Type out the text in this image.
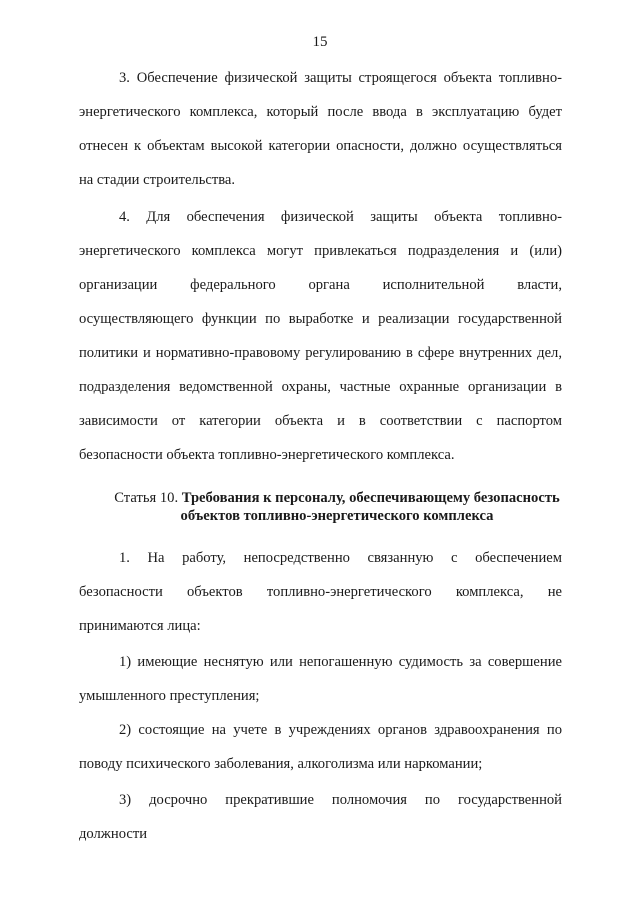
15

3. Обеспечение физической защиты строящегося объекта топливно-энергетического комплекса, который после ввода в эксплуатацию будет отнесен к объектам высокой категории опасности, должно осуществляться на стадии строительства.

4. Для обеспечения физической защиты объекта топливно-энергетического комплекса могут привлекаться подразделения и (или) организации федерального органа исполнительной власти, осуществляющего функции по выработке и реализации государственной политики и нормативно-правовому регулированию в сфере внутренних дел, подразделения ведомственной охраны, частные охранные организации в зависимости от категории объекта и в соответствии с паспортом безопасности объекта топливно-энергетического комплекса.

Статья 10. Требования к персоналу, обеспечивающему безопасность
объектов топливно-энергетического комплекса

1. На работу, непосредственно связанную с обеспечением безопасности объектов топливно-энергетического комплекса, не принимаются лица:

1) имеющие неснятую или непогашенную судимость за совершение умышленного преступления;

2) состоящие на учете в учреждениях органов здравоохранения по поводу психического заболевания, алкоголизма или наркомании;

3) досрочно прекратившие полномочия по государственной должности
